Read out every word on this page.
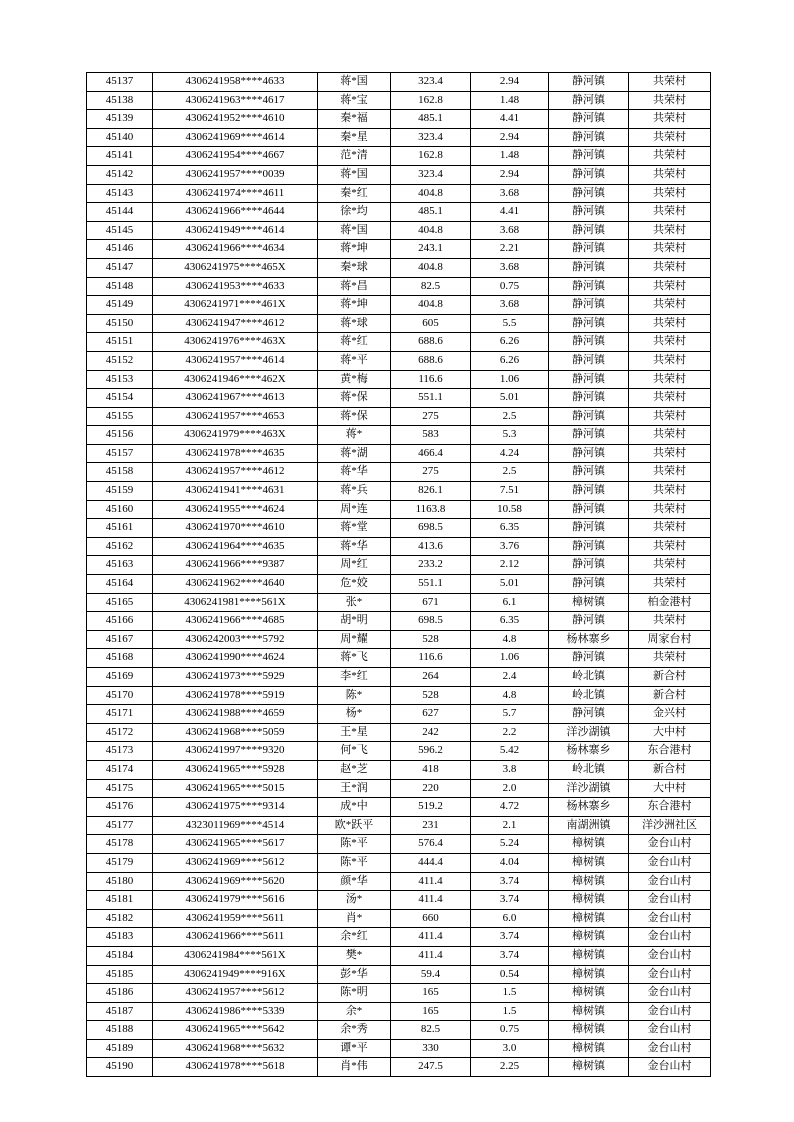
45137	4306241958****4633	蒋*国	323.4	2.94	静河镇	共荣村
45138	4306241963****4617	蒋*宝	162.8	1.48	静河镇	共荣村
45139	4306241952****4610	秦*福	485.1	4.41	静河镇	共荣村
45140	4306241969****4614	秦*星	323.4	2.94	静河镇	共荣村
45141	4306241954****4667	范*清	162.8	1.48	静河镇	共荣村
45142	4306241957****0039	蒋*国	323.4	2.94	静河镇	共荣村
45143	4306241974****4611	秦*红	404.8	3.68	静河镇	共荣村
45144	4306241966****4644	徐*均	485.1	4.41	静河镇	共荣村
45145	4306241949****4614	蒋*国	404.8	3.68	静河镇	共荣村
45146	4306241966****4634	蒋*坤	243.1	2.21	静河镇	共荣村
45147	4306241975****465X	秦*球	404.8	3.68	静河镇	共荣村
45148	4306241953****4633	蒋*昌	82.5	0.75	静河镇	共荣村
45149	4306241971****461X	蒋*坤	404.8	3.68	静河镇	共荣村
45150	4306241947****4612	蒋*球	605	5.5	静河镇	共荣村
45151	4306241976****463X	蒋*红	688.6	6.26	静河镇	共荣村
45152	4306241957****4614	蒋*平	688.6	6.26	静河镇	共荣村
45153	4306241946****462X	黄*梅	116.6	1.06	静河镇	共荣村
45154	4306241967****4613	蒋*保	551.1	5.01	静河镇	共荣村
45155	4306241957****4653	蒋*保	275	2.5	静河镇	共荣村
45156	4306241979****463X	蒋*	583	5.3	静河镇	共荣村
45157	4306241978****4635	蒋*湖	466.4	4.24	静河镇	共荣村
45158	4306241957****4612	蒋*华	275	2.5	静河镇	共荣村
45159	4306241941****4631	蒋*兵	826.1	7.51	静河镇	共荣村
45160	4306241955****4624	周*连	1163.8	10.58	静河镇	共荣村
45161	4306241970****4610	蒋*堂	698.5	6.35	静河镇	共荣村
45162	4306241964****4635	蒋*华	413.6	3.76	静河镇	共荣村
45163	4306241966****9387	周*红	233.2	2.12	静河镇	共荣村
45164	4306241962****4640	危*姣	551.1	5.01	静河镇	共荣村
45165	4306241981****561X	张*	671	6.1	樟树镇	柏金港村
45166	4306241966****4685	胡*明	698.5	6.35	静河镇	共荣村
45167	4306242003****5792	周*耀	528	4.8	杨林寨乡	周家台村
45168	4306241990****4624	蒋*飞	116.6	1.06	静河镇	共荣村
45169	4306241973****5929	李*红	264	2.4	岭北镇	新合村
45170	4306241978****5919	陈*	528	4.8	岭北镇	新合村
45171	4306241988****4659	杨*	627	5.7	静河镇	金兴村
45172	4306241968****5059	王*星	242	2.2	洋沙湖镇	大中村
45173	4306241997****9320	何*飞	596.2	5.42	杨林寨乡	东合港村
45174	4306241965****5928	赵*芝	418	3.8	岭北镇	新合村
45175	4306241965****5015	王*润	220	2.0	洋沙湖镇	大中村
45176	4306241975****9314	成*中	519.2	4.72	杨林寨乡	东合港村
45177	4323011969****4514	欧*跃平	231	2.1	南湖洲镇	洋沙洲社区
45178	4306241965****5617	陈*平	576.4	5.24	樟树镇	金台山村
45179	4306241969****5612	陈*平	444.4	4.04	樟树镇	金台山村
45180	4306241969****5620	颜*华	411.4	3.74	樟树镇	金台山村
45181	4306241979****5616	汤*	411.4	3.74	樟树镇	金台山村
45182	4306241959****5611	肖*	660	6.0	樟树镇	金台山村
45183	4306241966****5611	余*红	411.4	3.74	樟树镇	金台山村
45184	4306241984****561X	樊*	411.4	3.74	樟树镇	金台山村
45185	4306241949****916X	彭*华	59.4	0.54	樟树镇	金台山村
45186	4306241957****5612	陈*明	165	1.5	樟树镇	金台山村
45187	4306241986****5339	余*	165	1.5	樟树镇	金台山村
45188	4306241965****5642	余*秀	82.5	0.75	樟树镇	金台山村
45189	4306241968****5632	谭*平	330	3.0	樟树镇	金台山村
45190	4306241978****5618	肖*伟	247.5	2.25	樟树镇	金台山村
